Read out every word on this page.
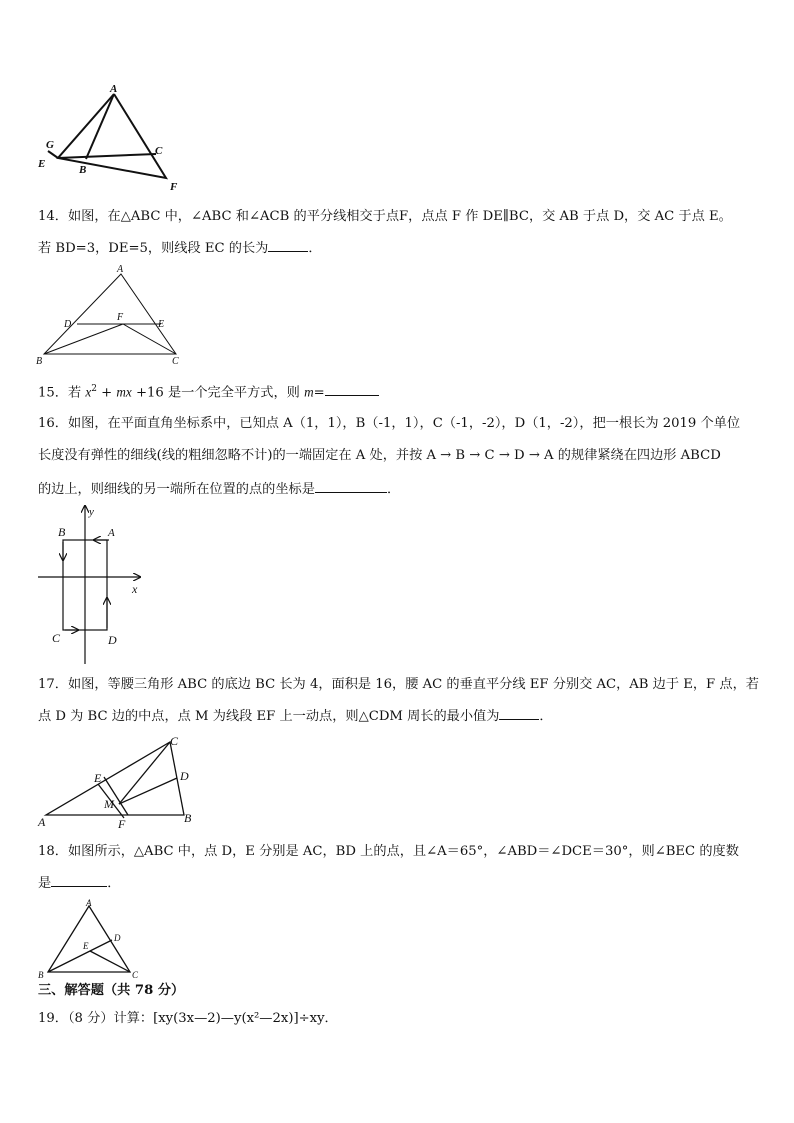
A
G
E	B
C
F
14．如图，在△ABC 中，∠ABC 和∠ACB 的平分线相交于点F，点点 F 作 DE∥BC，交 AB 于点 D，交 AC 于点 E。
若 BD=3，DE=5，则线段 EC 的长为	．
A
D
F
E
B	C
15．若 $x^2$ + mx +16 是一个完全平方式，则 m=
16．如图，在平面直角坐标系中，已知点 A（1，1），B（-1，1），C（-1，-2），D（1，-2），把一根长为 2019 个单位
长度没有弹性的细线(线的粗细忽略不计)的一端固定在 A 处，并按 A → B → C → D → A 的规律紧绕在四边形 ABCD
的边上，则细线的另一端所在位置的点的坐标是	．
y
B	A
x
C	D
17．如图，等腰三角形 ABC 的底边 BC 长为 4，面积是 16，腰 AC 的垂直平分线 EF 分别交 AC，AB 边于 E，F 点，若
点 D 为 BC 边的中点，点 M 为线段 EF 上一动点，则△CDM 周长的最小值为	．
C
E	D
M
A	F	B
18．如图所示，△ABC 中，点 D，E 分别是 AC，BD 上的点，且∠A＝65°，∠ABD＝∠DCE＝30°，则∠BEC 的度数
是	．
A
D
E
B	C
三、解答题（共 78 分）
19．（8 分）计算：[xy(3x—2)—y(x²—2x)]÷xy．
